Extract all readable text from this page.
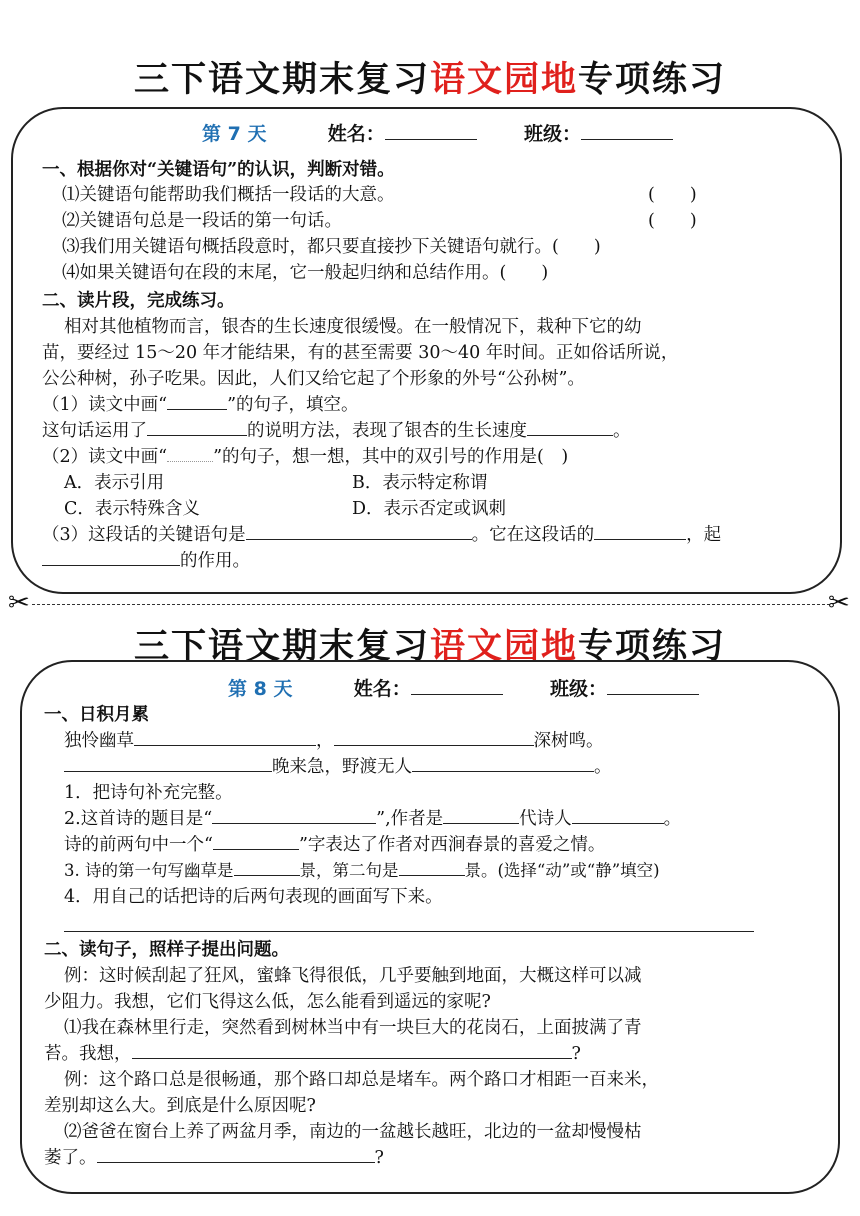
三下语文期末复习语文园地专项练习
第 7 天	姓名：	班级：
一、根据你对“关键语句”的认识，判断对错。
⑴关键语句能帮助我们概括一段话的大意。	(　　)
⑵关键语句总是一段话的第一句话。	(　　)
⑶我们用关键语句概括段意时，都只要直接抄下关键语句就行。(　　)
⑷如果关键语句在段的末尾，它一般起归纳和总结作用。(　　)
二、读片段，完成练习。
相对其他植物而言，银杏的生长速度很缓慢。在一般情况下，栽种下它的幼
苗，要经过 15～20 年才能结果，有的甚至需要 30～40 年时间。正如俗话所说，
公公种树，孙子吃果。因此，人们又给它起了个形象的外号“公孙树”。
（1）读文中画“	”的句子，填空。
这句话运用了	的说明方法，表现了银杏的生长速度	。
（2）读文中画“	”的句子，想一想，其中的双引号的作用是(　)
A．表示引用	B．表示特定称谓
C．表示特殊含义	D．表示否定或讽刺
（3）这段话的关键语句是	。它在这段话的	，起
的作用。
✂	✂
三下语文期末复习语文园地专项练习
第 8 天	姓名：	班级：
一、日积月累
独怜幽草	，	深树鸣。
晚来急，野渡无人	。
1．把诗句补充完整。
2.这首诗的题目是“	”,作者是	代诗人	。
诗的前两句中一个“	”字表达了作者对西涧春景的喜爱之情。
3. 诗的第一句写幽草是	景，第二句是	景。(选择“动”或“静”填空)
4．用自己的话把诗的后两句表现的画面写下来。
二、读句子，照样子提出问题。
例：这时候刮起了狂风，蜜蜂飞得很低，几乎要触到地面，大概这样可以减
少阻力。我想，它们飞得这么低，怎么能看到遥远的家呢?
⑴我在森林里行走，突然看到树林当中有一块巨大的花岗石，上面披满了青
苔。我想，	?
例：这个路口总是很畅通，那个路口却总是堵车。两个路口才相距一百来米，
差别却这么大。到底是什么原因呢?
⑵爸爸在窗台上养了两盆月季，南边的一盆越长越旺，北边的一盆却慢慢枯
萎了。	?
